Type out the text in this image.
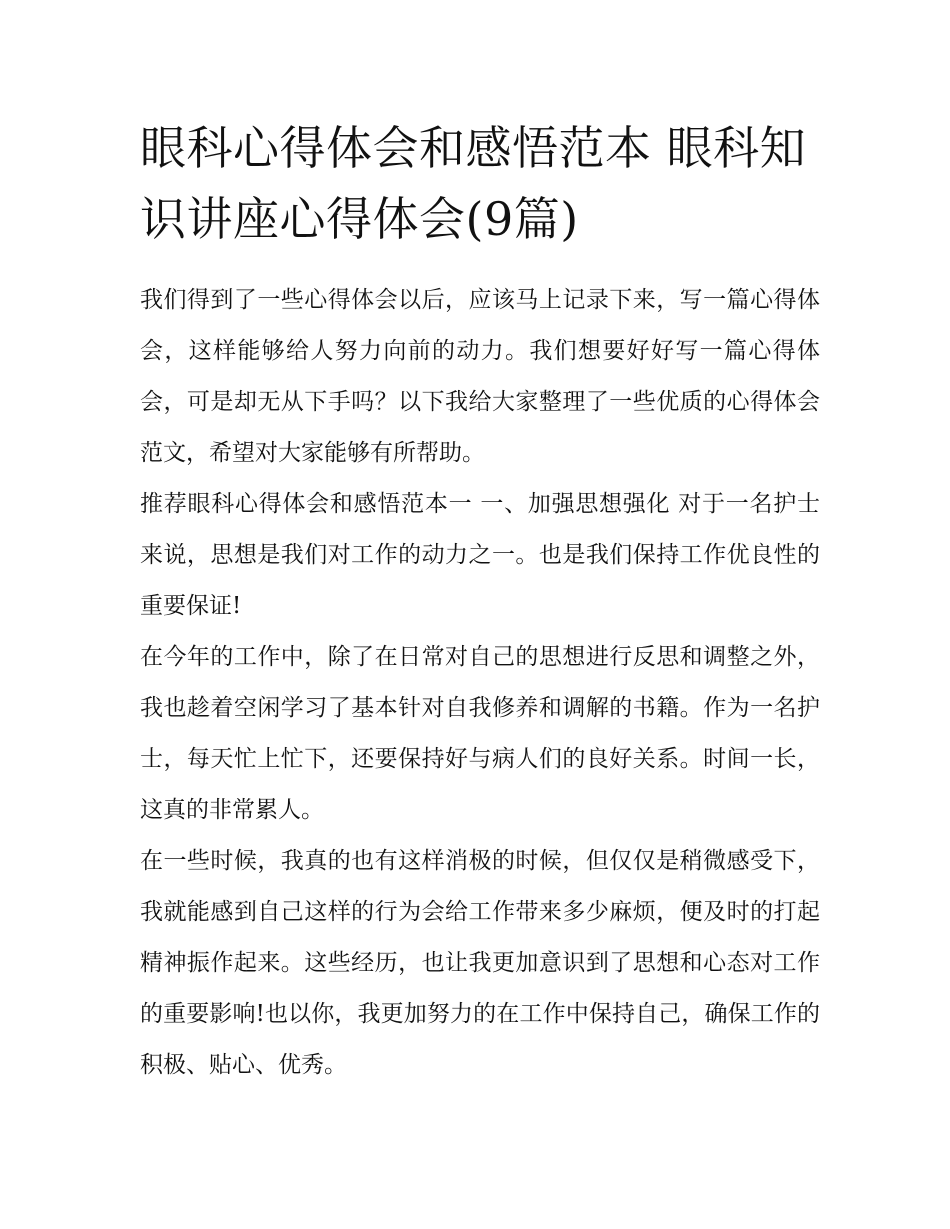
眼科心得体会和感悟范本 眼科知识讲座心得体会(9篇)

我们得到了一些心得体会以后，应该马上记录下来，写一篇心得体会，这样能够给人努力向前的动力。我们想要好好写一篇心得体会，可是却无从下手吗？以下我给大家整理了一些优质的心得体会范文，希望对大家能够有所帮助。

推荐眼科心得体会和感悟范本一 一、加强思想强化 对于一名护士来说，思想是我们对工作的动力之一。也是我们保持工作优良性的重要保证!

在今年的工作中，除了在日常对自己的思想进行反思和调整之外，我也趁着空闲学习了基本针对自我修养和调解的书籍。作为一名护士，每天忙上忙下，还要保持好与病人们的良好关系。时间一长，这真的非常累人。

在一些时候，我真的也有这样消极的时候，但仅仅是稍微感受下，我就能感到自己这样的行为会给工作带来多少麻烦，便及时的打起精神振作起来。这些经历，也让我更加意识到了思想和心态对工作的重要影响!也以你，我更加努力的在工作中保持自己，确保工作的积极、贴心、优秀。
